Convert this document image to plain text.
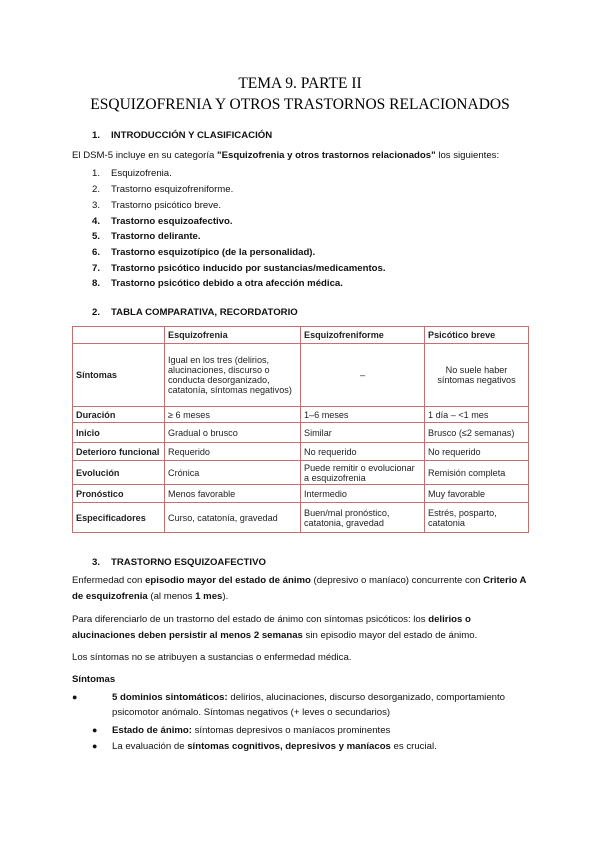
TEMA 9. PARTE II
ESQUIZOFRENIA Y OTROS TRASTORNOS RELACIONADOS
1. INTRODUCCIÓN Y CLASIFICACIÓN
El DSM-5 incluye en su categoría "Esquizofrenia y otros trastornos relacionados" los siguientes:
1. Esquizofrenia.
2. Trastorno esquizofreniforme.
3. Trastorno psicótico breve.
4. Trastorno esquizoafectivo.
5. Trastorno delirante.
6. Trastorno esquizotípico (de la personalidad).
7. Trastorno psicótico inducido por sustancias/medicamentos.
8. Trastorno psicótico debido a otra afección médica.
2. TABLA COMPARATIVA, RECORDATORIO
	Esquizofrenia	Esquizofreniforme	Psicótico breve
Síntomas	Igual en los tres (delirios, alucinaciones, discurso o conducta desorganizado, catatonía, síntomas negativos)	–	No suele haber síntomas negativos
Duración	≥ 6 meses	1–6 meses	1 día – <1 mes
Inicio	Gradual o brusco	Similar	Brusco (≤2 semanas)
Deterioro funcional	Requerido	No requerido	No requerido
Evolución	Crónica	Puede remitir o evolucionar a esquizofrenia	Remisión completa
Pronóstico	Menos favorable	Intermedio	Muy favorable
Especificadores	Curso, catatonía, gravedad	Buen/mal pronóstico, catatonia, gravedad	Estrés, posparto, catatonia
3. TRASTORNO ESQUIZOAFECTIVO
Enfermedad con episodio mayor del estado de ánimo (depresivo o maníaco) concurrente con Criterio A de esquizofrenia (al menos 1 mes).
Para diferenciarlo de un trastorno del estado de ánimo con síntomas psicóticos: los delirios o alucinaciones deben persistir al menos 2 semanas sin episodio mayor del estado de ánimo.
Los síntomas no se atribuyen a sustancias o enfermedad médica.
Síntomas
●	5 dominios sintomáticos: delirios, alucinaciones, discurso desorganizado, comportamiento psicomotor anómalo. Síntomas negativos (+ leves o secundarios)
● Estado de ánimo: síntomas depresivos o maníacos prominentes
● La evaluación de síntomas cognitivos, depresivos y maníacos es crucial.
